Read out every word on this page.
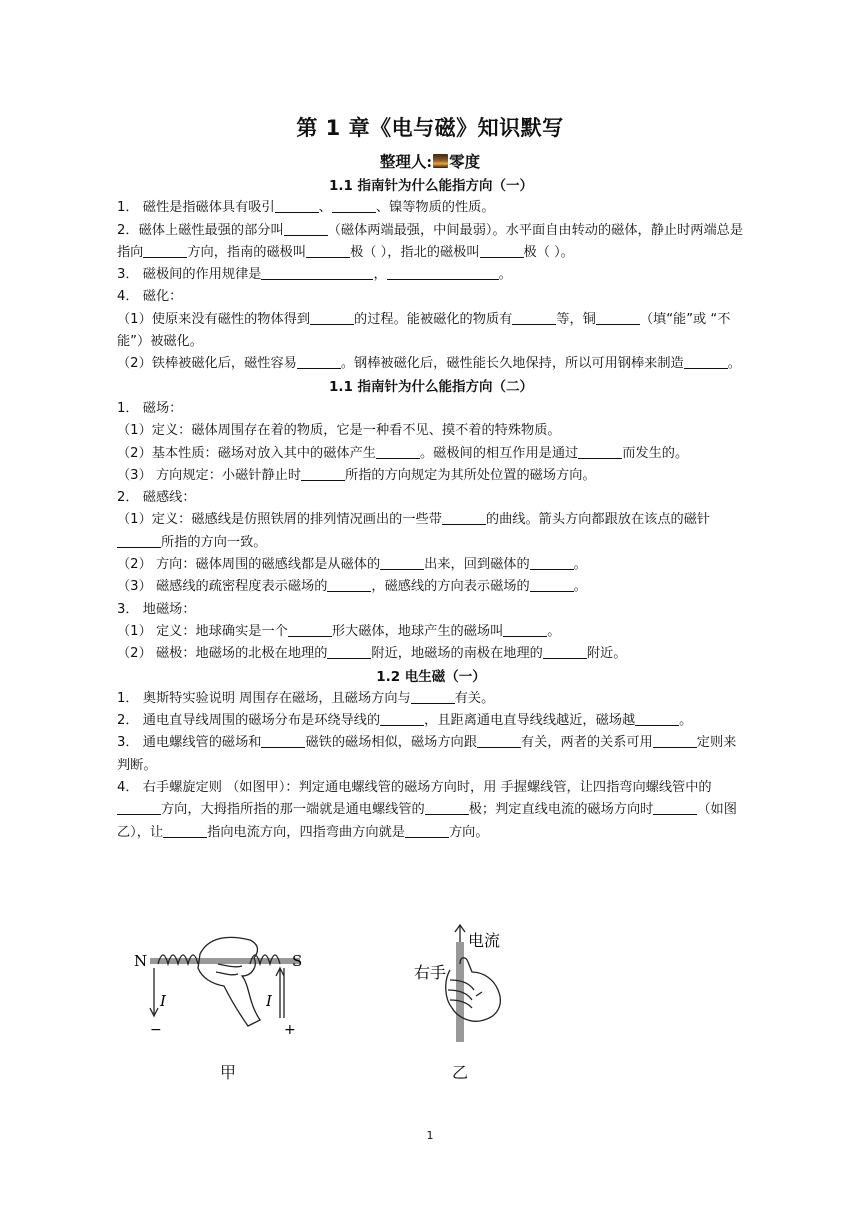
第 1 章《电与磁》知识默写
整理人: 零度

1.1 指南针为什么能指方向（一）

1． 磁性是指磁体具有吸引	、	、镍等物质的性质。

2．磁体上磁性最强的部分叫	（磁体两端最强，中间最弱）。水平面自由转动的磁体，静止时两端总是指向	方向，指南的磁极叫	极（ ），指北的磁极叫	极（ ）。

3． 磁极间的作用规律是	，	。

4． 磁化：

（1）使原来没有磁性的物体得到	的过程。能被磁化的物质有	等，铜	（填“能”或 “不能”）被磁化。

（2）铁棒被磁化后，磁性容易	。钢棒被磁化后，磁性能长久地保持，所以可用钢棒来制造	。

1.1 指南针为什么能指方向（二）

1． 磁场：

（1）定义：磁体周围存在着的物质，它是一种看不见、摸不着的特殊物质。

（2）基本性质：磁场对放入其中的磁体产生	。磁极间的相互作用是通过	而发生的。

（3） 方向规定：小磁针静止时	所指的方向规定为其所处位置的磁场方向。

2． 磁感线：

（1）定义：磁感线是仿照铁屑的排列情况画出的一些带	的曲线。箭头方向都跟放在该点的磁针所指的方向一致。

（2） 方向：磁体周围的磁感线都是从磁体的	出来，回到磁体的	。

（3） 磁感线的疏密程度表示磁场的	，磁感线的方向表示磁场的	。

3． 地磁场：

（1） 定义：地球确实是一个	形大磁体，地球产生的磁场叫	。

（2） 磁极：地磁场的北极在地理的	附近，地磁场的南极在地理的	附近。

1.2 电生磁（一）

1． 奥斯特实验说明 周围存在磁场，且磁场方向与	有关。

2． 通电直导线周围的磁场分布是环绕导线的	，且距离通电直导线线越近，磁场越	。

3． 通电螺线管的磁场和	磁铁的磁场相似，磁场方向跟	有关，两者的关系可用	定则来判断。

4． 右手螺旋定则 （如图甲）：判定通电螺线管的磁场方向时，用 手握螺线管，让四指弯向螺线管中的方向，大拇指所指的那一端就是通电螺线管的	极；判定直线电流的磁场方向时	（如图乙），让	指向电流方向，四指弯曲方向就是	方向。

N	S
I	I
−	+
甲
电流
右手
乙
1
